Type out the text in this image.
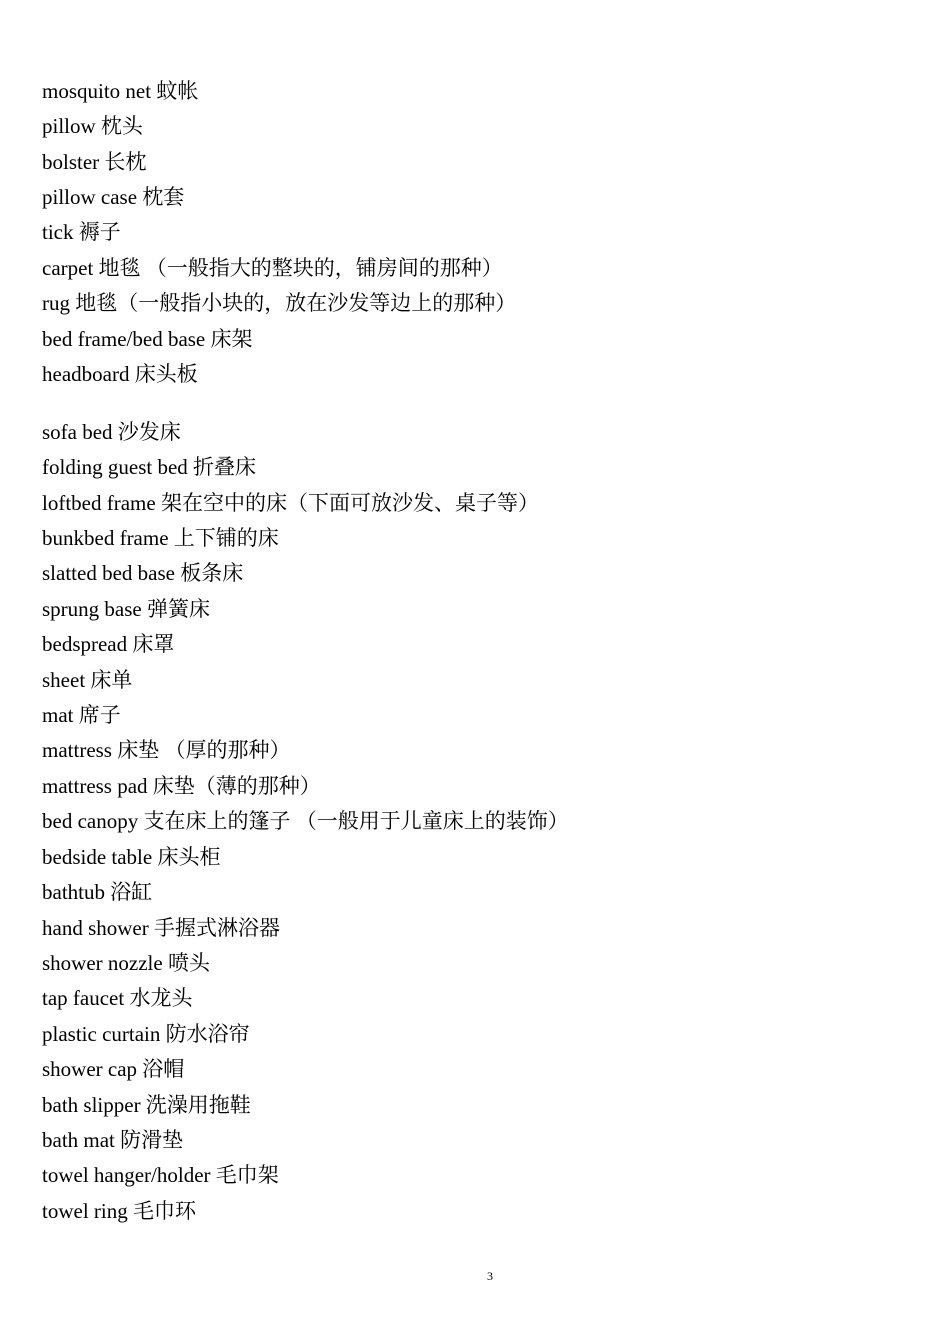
mosquito net 蚊帐
pillow 枕头
bolster 长枕
pillow case 枕套
tick 褥子
carpet 地毯 （一般指大的整块的，铺房间的那种）
rug 地毯（一般指小块的，放在沙发等边上的那种）
bed frame/bed base 床架
headboard 床头板
sofa bed 沙发床
folding guest bed 折叠床
loftbed frame 架在空中的床（下面可放沙发、桌子等）
bunkbed frame 上下铺的床
slatted bed base 板条床
sprung base 弹簧床
bedspread 床罩
sheet 床单
mat 席子
mattress 床垫 （厚的那种）
mattress pad 床垫（薄的那种）
bed canopy 支在床上的篷子 （一般用于儿童床上的装饰）
bedside table 床头柜
bathtub 浴缸
hand shower 手握式淋浴器
shower nozzle 喷头
tap faucet 水龙头
plastic curtain 防水浴帘
shower cap 浴帽
bath slipper 洗澡用拖鞋
bath mat 防滑垫
towel hanger/holder 毛巾架
towel ring 毛巾环
3
